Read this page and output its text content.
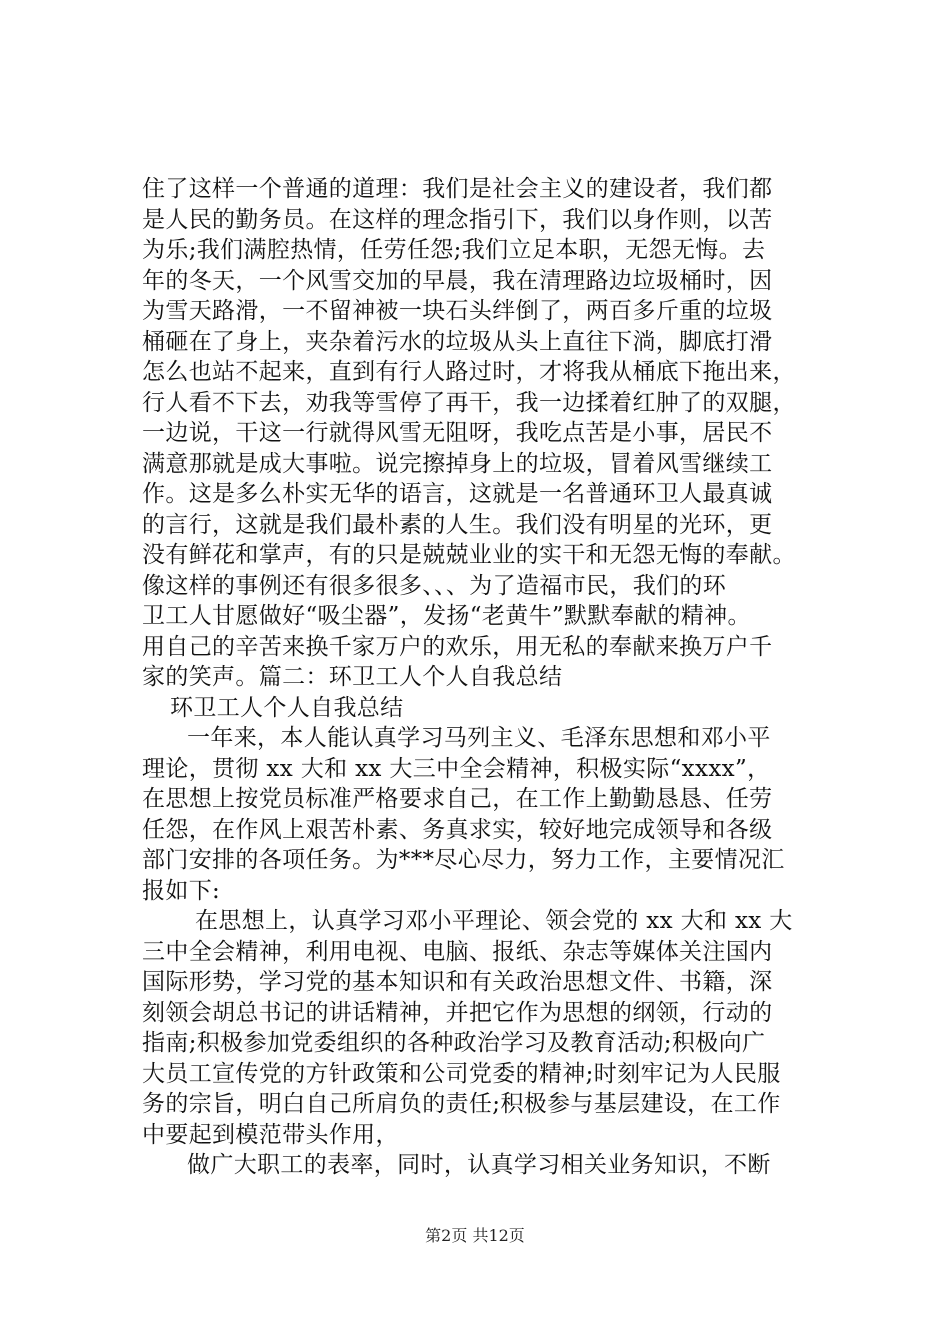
住了这样一个普通的道理：我们是社会主义的建设者，我们都
是人民的勤务员。在这样的理念指引下，我们以身作则，以苦
为乐;我们满腔热情，任劳任怨;我们立足本职，无怨无悔。去
年的冬天，一个风雪交加的早晨，我在清理路边垃圾桶时，因
为雪天路滑，一不留神被一块石头绊倒了，两百多斤重的垃圾
桶砸在了身上，夹杂着污水的垃圾从头上直往下淌，脚底打滑
怎么也站不起来，直到有行人路过时，才将我从桶底下拖出来，
行人看不下去，劝我等雪停了再干，我一边揉着红肿了的双腿，
一边说，干这一行就得风雪无阻呀，我吃点苦是小事，居民不
满意那就是成大事啦。说完擦掉身上的垃圾，冒着风雪继续工
作。这是多么朴实无华的语言，这就是一名普通环卫人最真诚
的言行，这就是我们最朴素的人生。我们没有明星的光环，更
没有鲜花和掌声，有的只是兢兢业业的实干和无怨无悔的奉献。
像这样的事例还有很多很多、、、为了造福市民，我们的环
卫工人甘愿做好“吸尘器”，发扬“老黄牛”默默奉献的精神。
用自己的辛苦来换千家万户的欢乐，用无私的奉献来换万户千
家的笑声。篇二：环卫工人个人自我总结
环卫工人个人自我总结
一年来，本人能认真学习马列主义、毛泽东思想和邓小平
理论，贯彻 xx 大和 xx 大三中全会精神，积极实际“xxxx”，
在思想上按党员标准严格要求自己，在工作上勤勤恳恳、任劳
任怨，在作风上艰苦朴素、务真求实，较好地完成领导和各级
部门安排的各项任务。为***尽心尽力，努力工作，主要情况汇
报如下:
在思想上，认真学习邓小平理论、领会党的 xx 大和 xx 大
三中全会精神，利用电视、电脑、报纸、杂志等媒体关注国内
国际形势，学习党的基本知识和有关政治思想文件、书籍，深
刻领会胡总书记的讲话精神，并把它作为思想的纲领，行动的
指南;积极参加党委组织的各种政治学习及教育活动;积极向广
大员工宣传党的方针政策和公司党委的精神;时刻牢记为人民服
务的宗旨，明白自己所肩负的责任;积极参与基层建设，在工作
中要起到模范带头作用，
做广大职工的表率，同时，认真学习相关业务知识，不断
第2页 共12页
